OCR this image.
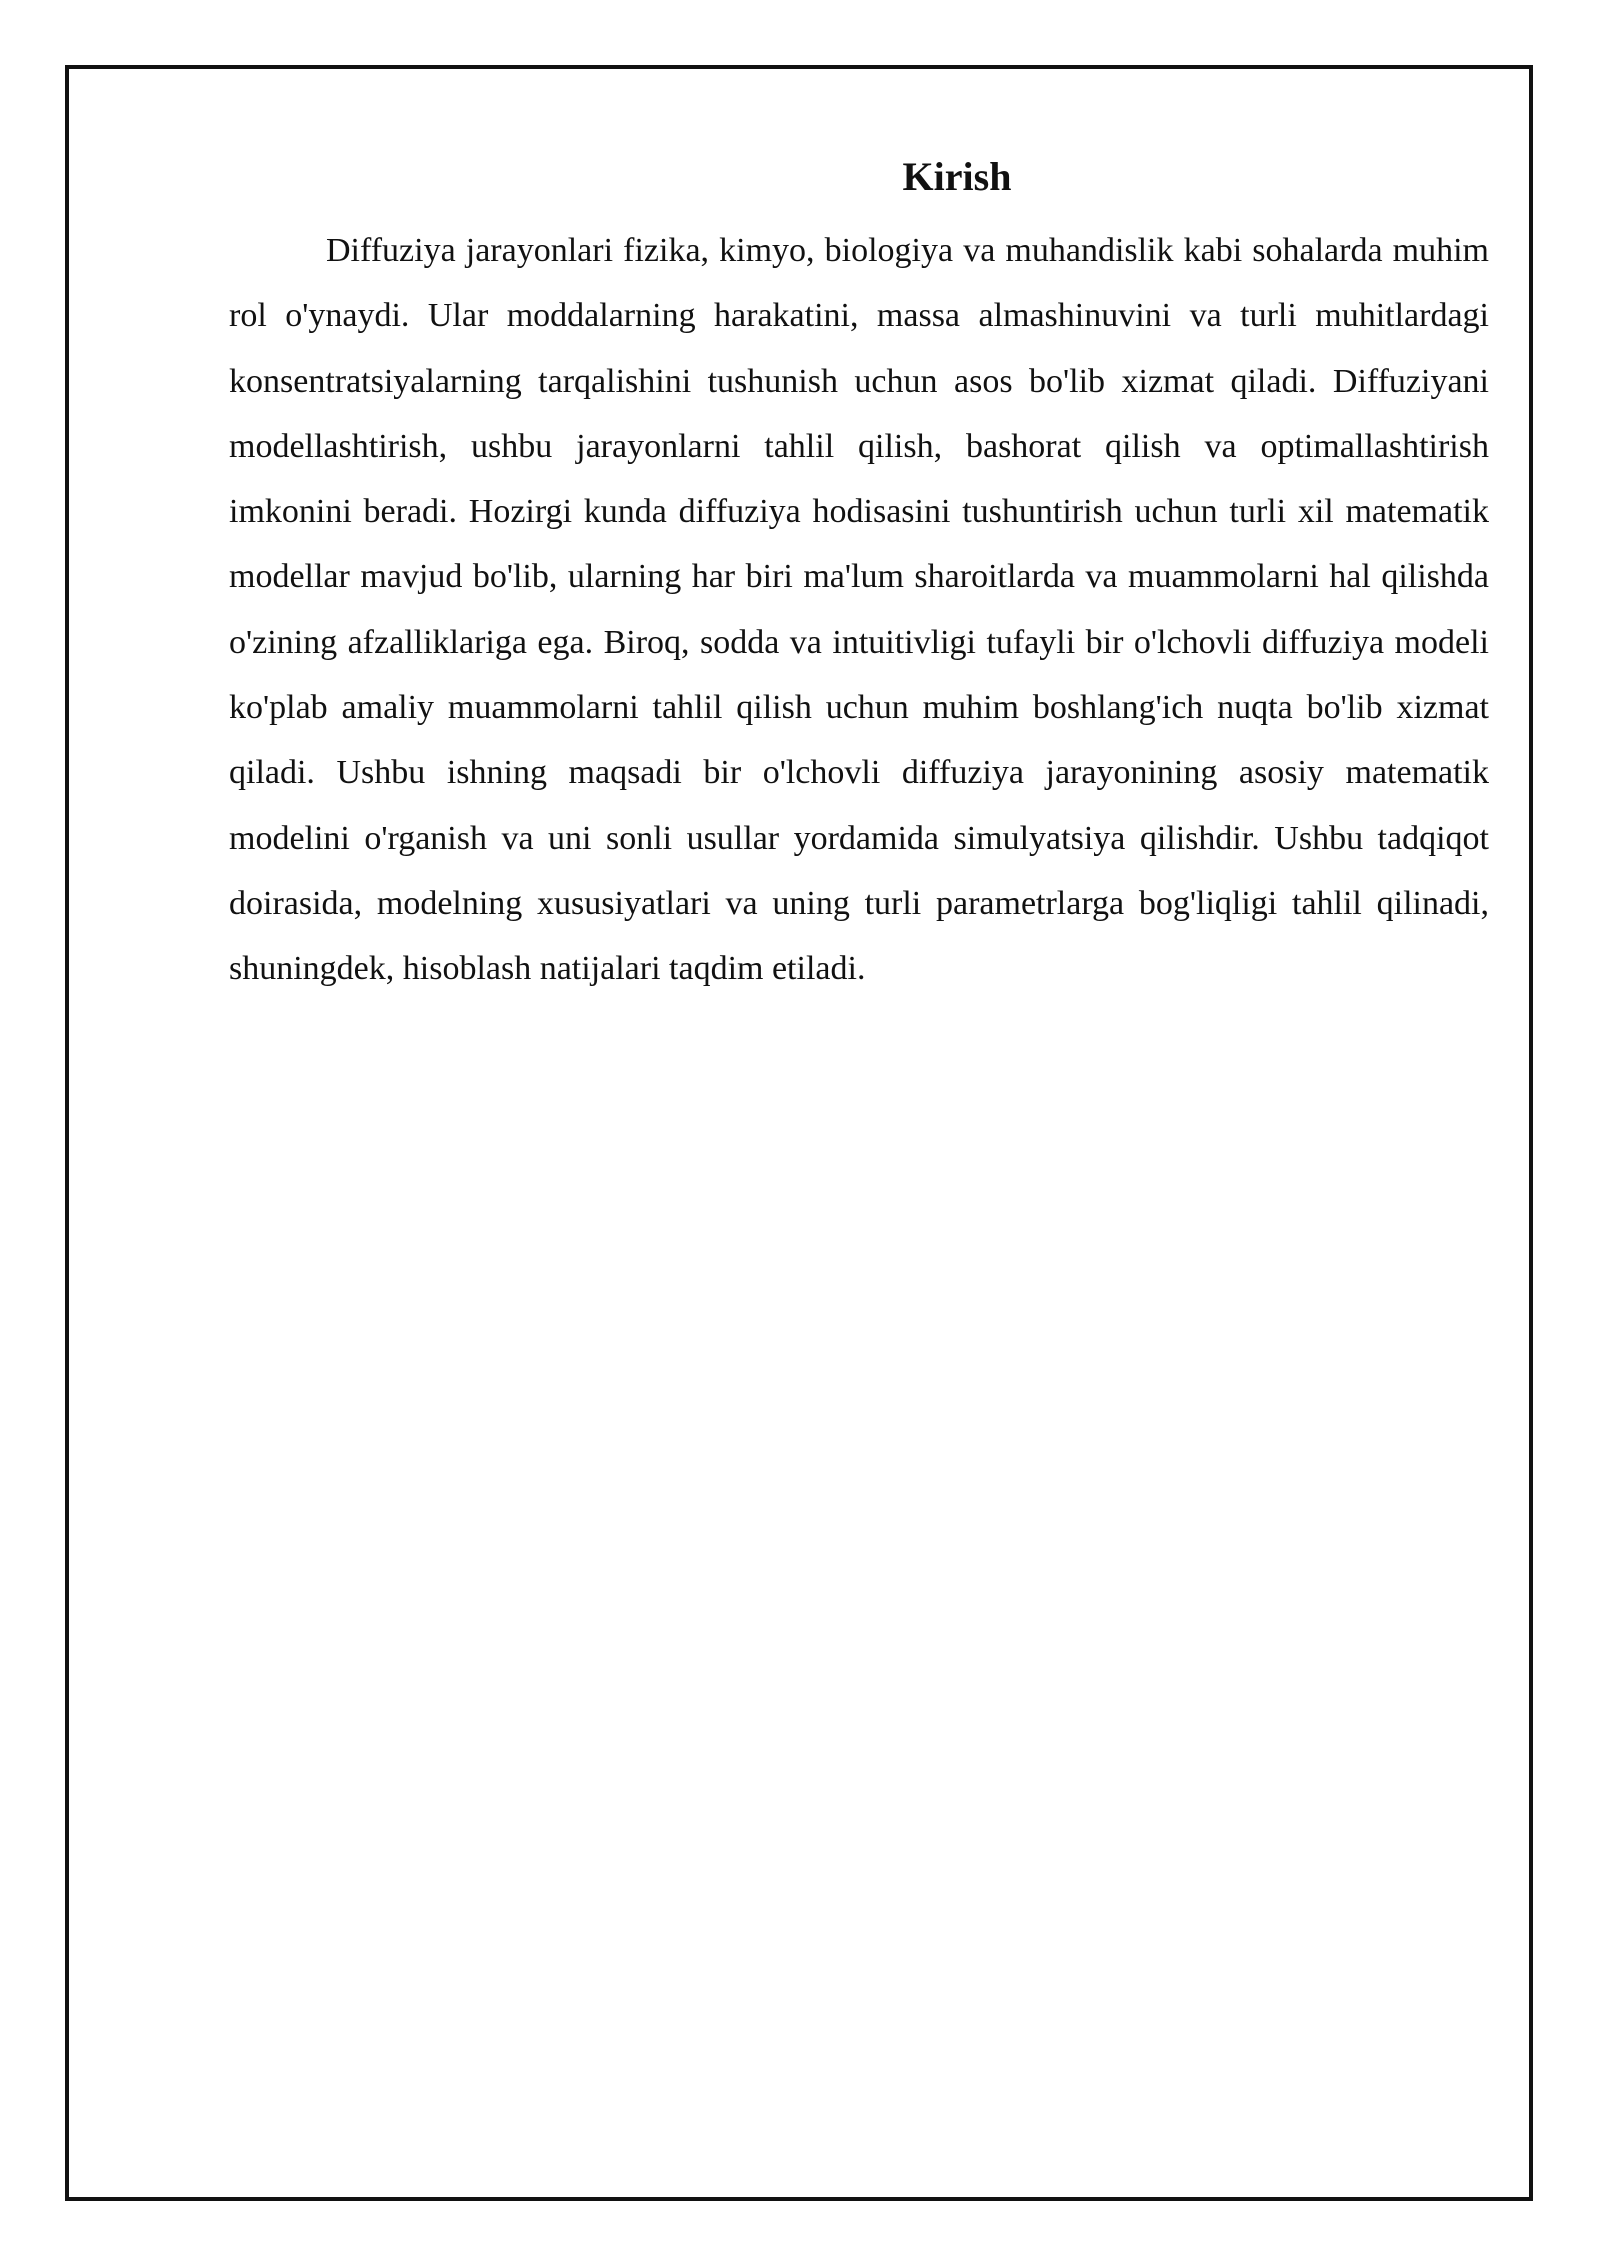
Kirish

Diffuziya jarayonlari fizika, kimyo, biologiya va muhandislik kabi sohalarda muhim rol o'ynaydi. Ular moddalarning harakatini, massa almashinuvini va turli muhitlardagi konsentratsiyalarning tarqalishini tushunish uchun asos bo'lib xizmat qiladi. Diffuziyani modellashtirish, ushbu jarayonlarni tahlil qilish, bashorat qilish va optimallashtirish imkonini beradi. Hozirgi kunda diffuziya hodisasini tushuntirish uchun turli xil matematik modellar mavjud bo'lib, ularning har biri ma'lum sharoitlarda va muammolarni hal qilishda o'zining afzalliklariga ega. Biroq, sodda va intuitivligi tufayli bir o'lchovli diffuziya modeli ko'plab amaliy muammolarni tahlil qilish uchun muhim boshlang'ich nuqta bo'lib xizmat qiladi. Ushbu ishning maqsadi bir o'lchovli diffuziya jarayonining asosiy matematik modelini o'rganish va uni sonli usullar yordamida simulyatsiya qilishdir. Ushbu tadqiqot doirasida, modelning xususiyatlari va uning turli parametrlarga bog'liqligi tahlil qilinadi, shuningdek, hisoblash natijalari taqdim etiladi.
